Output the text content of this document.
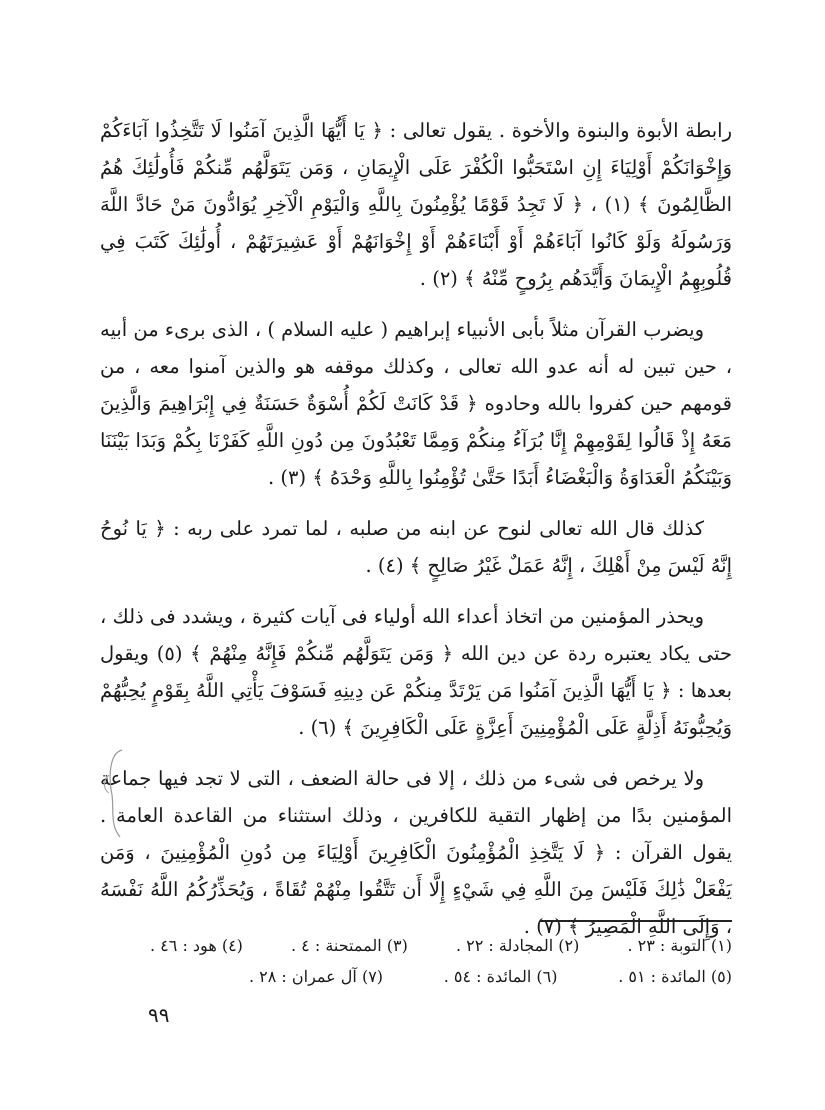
رابطة الأبوة والبنوة والأخوة . يقول تعالى : ﴿ يَا أَيُّهَا الَّذِينَ آمَنُوا لَا تَتَّخِذُوا آبَاءَكُمْ وَإِخْوَانَكُمْ أَوْلِيَاءَ إِنِ اسْتَحَبُّوا الْكُفْرَ عَلَى الْإِيمَانِ ، وَمَن يَتَوَلَّهُم مِّنكُمْ فَأُولَٰئِكَ هُمُ الظَّالِمُونَ ﴾ (١) ، ﴿ لَا تَجِدُ قَوْمًا يُؤْمِنُونَ بِاللَّهِ وَالْيَوْمِ الْآخِرِ يُوَادُّونَ مَنْ حَادَّ اللَّهَ وَرَسُولَهُ وَلَوْ كَانُوا آبَاءَهُمْ أَوْ أَبْنَاءَهُمْ أَوْ إِخْوَانَهُمْ أَوْ عَشِيرَتَهُمْ ، أُولَٰئِكَ كَتَبَ فِي قُلُوبِهِمُ الْإِيمَانَ وَأَيَّدَهُم بِرُوحٍ مِّنْهُ ﴾ (٢) .

ويضرب القرآن مثلاً بأبى الأنبياء إبراهيم ( عليه السلام ) ، الذى برىء من أبيه ، حين تبين له أنه عدو الله تعالى ، وكذلك موقفه هو والذين آمنوا معه ، من قومهم حين كفروا بالله وحادوه ﴿ قَدْ كَانَتْ لَكُمْ أُسْوَةٌ حَسَنَةٌ فِي إِبْرَاهِيمَ وَالَّذِينَ مَعَهُ إِذْ قَالُوا لِقَوْمِهِمْ إِنَّا بُرَآءُ مِنكُمْ وَمِمَّا تَعْبُدُونَ مِن دُونِ اللَّهِ كَفَرْنَا بِكُمْ وَبَدَا بَيْنَنَا وَبَيْنَكُمُ الْعَدَاوَةُ وَالْبَغْضَاءُ أَبَدًا حَتَّىٰ تُؤْمِنُوا بِاللَّهِ وَحْدَهُ ﴾ (٣) .

كذلك قال الله تعالى لنوح عن ابنه من صلبه ، لما تمرد على ربه : ﴿ يَا نُوحُ إِنَّهُ لَيْسَ مِنْ أَهْلِكَ ، إِنَّهُ عَمَلٌ غَيْرُ صَالِحٍ ﴾ (٤) .

ويحذر المؤمنين من اتخاذ أعداء الله أولياء فى آيات كثيرة ، ويشدد فى ذلك ، حتى يكاد يعتبره ردة عن دين الله ﴿ وَمَن يَتَوَلَّهُم مِّنكُمْ فَإِنَّهُ مِنْهُمْ ﴾ (٥) ويقول بعدها : ﴿ يَا أَيُّهَا الَّذِينَ آمَنُوا مَن يَرْتَدَّ مِنكُمْ عَن دِينِهِ فَسَوْفَ يَأْتِي اللَّهُ بِقَوْمٍ يُحِبُّهُمْ وَيُحِبُّونَهُ أَذِلَّةٍ عَلَى الْمُؤْمِنِينَ أَعِزَّةٍ عَلَى الْكَافِرِينَ ﴾ (٦) .

ولا يرخص فى شىء من ذلك ، إلا فى حالة الضعف ، التى لا تجد فيها جماعة المؤمنين بدًا من إظهار التقية للكافرين ، وذلك استثناء من القاعدة العامة . يقول القرآن : ﴿ لَا يَتَّخِذِ الْمُؤْمِنُونَ الْكَافِرِينَ أَوْلِيَاءَ مِن دُونِ الْمُؤْمِنِينَ ، وَمَن يَفْعَلْ ذَٰلِكَ فَلَيْسَ مِنَ اللَّهِ فِي شَيْءٍ إِلَّا أَن تَتَّقُوا مِنْهُمْ تُقَاةً ، وَيُحَذِّرُكُمُ اللَّهُ نَفْسَهُ ، وَإِلَى اللَّهِ الْمَصِيرُ ﴾ (٧) .

(١) التوبة : ٢٣ .
(٢) المجادلة : ٢٢ .
(٣) الممتحنة : ٤ .
(٤) هود : ٤٦ .
(٥) المائدة : ٥١ .
(٦) المائدة : ٥٤ .
(٧) آل عمران : ٢٨ .
٩٩
